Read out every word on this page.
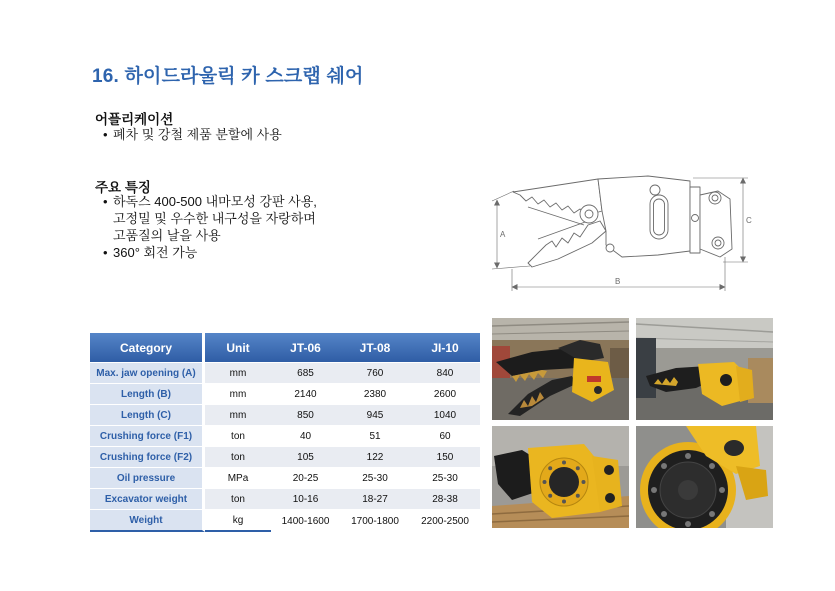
16. 하이드라울릭 카 스크랩 쉐어
어플리케이션
• 폐차 및 강철 제품 분할에 사용
주요 특징
• 하독스 400-500 내마모성 강판 사용,
고정밀 및 우수한 내구성을 자랑하며
고품질의 날을 사용
• 360° 회전 가능
A
B
C
Category	Unit	JT-06	JT-08	JI-10
Max. jaw opening (A)	mm	685	760	840
Length (B)	mm	2140	2380	2600
Length (C)	mm	850	945	1040
Crushing force (F1)	ton	40	51	60
Crushing force (F2)	ton	105	122	150
Oil pressure	MPa	20-25	25-30	25-30
Excavator weight	ton	10-16	18-27	28-38
Weight	kg	1400-1600	1700-1800	2200-2500
